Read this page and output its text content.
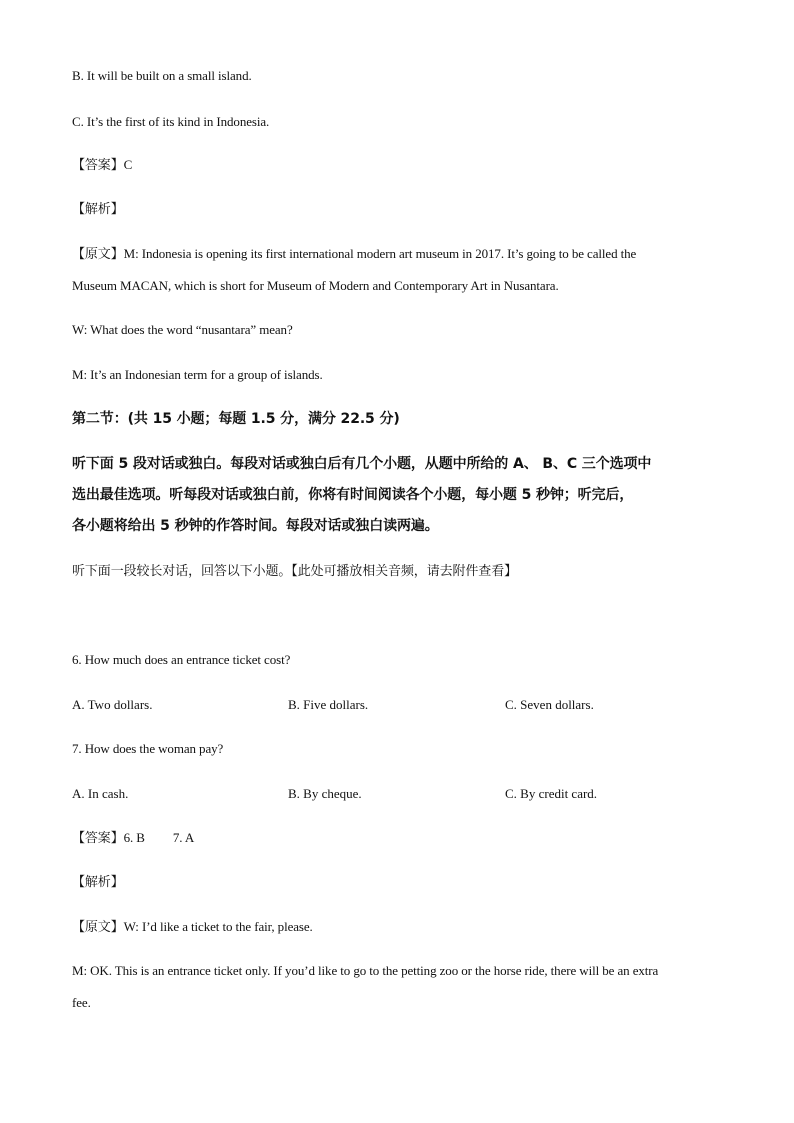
B. It will be built on a small island.
C. It’s the first of its kind in Indonesia.
【答案】C
【解析】
【原文】M: Indonesia is opening its first international modern art museum in 2017. It’s going to be called the
Museum MACAN, which is short for Museum of Modern and Contemporary Art in Nusantara.
W: What does the word “nusantara” mean?
M: It’s an Indonesian term for a group of islands.
第二节：(共 15 小题；每题 1.5 分，满分 22.5 分)
听下面 5 段对话或独白。每段对话或独白后有几个小题，从题中所给的 A、 B、C 三个选项中
选出最佳选项。听每段对话或独白前，你将有时间阅读各个小题，每小题 5 秒钟；听完后，
各小题将给出 5 秒钟的作答时间。每段对话或独白读两遍。
听下面一段较长对话，回答以下小题。【此处可播放相关音频，请去附件查看】
6. How much does an entrance ticket cost?
A. Two dollars.	B. Five dollars.	C. Seven dollars.
7. How does the woman pay?
A. In cash.	B. By cheque.	C. By credit card.
【答案】6. B 7. A
【解析】
【原文】W: I’d like a ticket to the fair, please.
M: OK. This is an entrance ticket only. If you’d like to go to the petting zoo or the horse ride, there will be an extra
fee.
